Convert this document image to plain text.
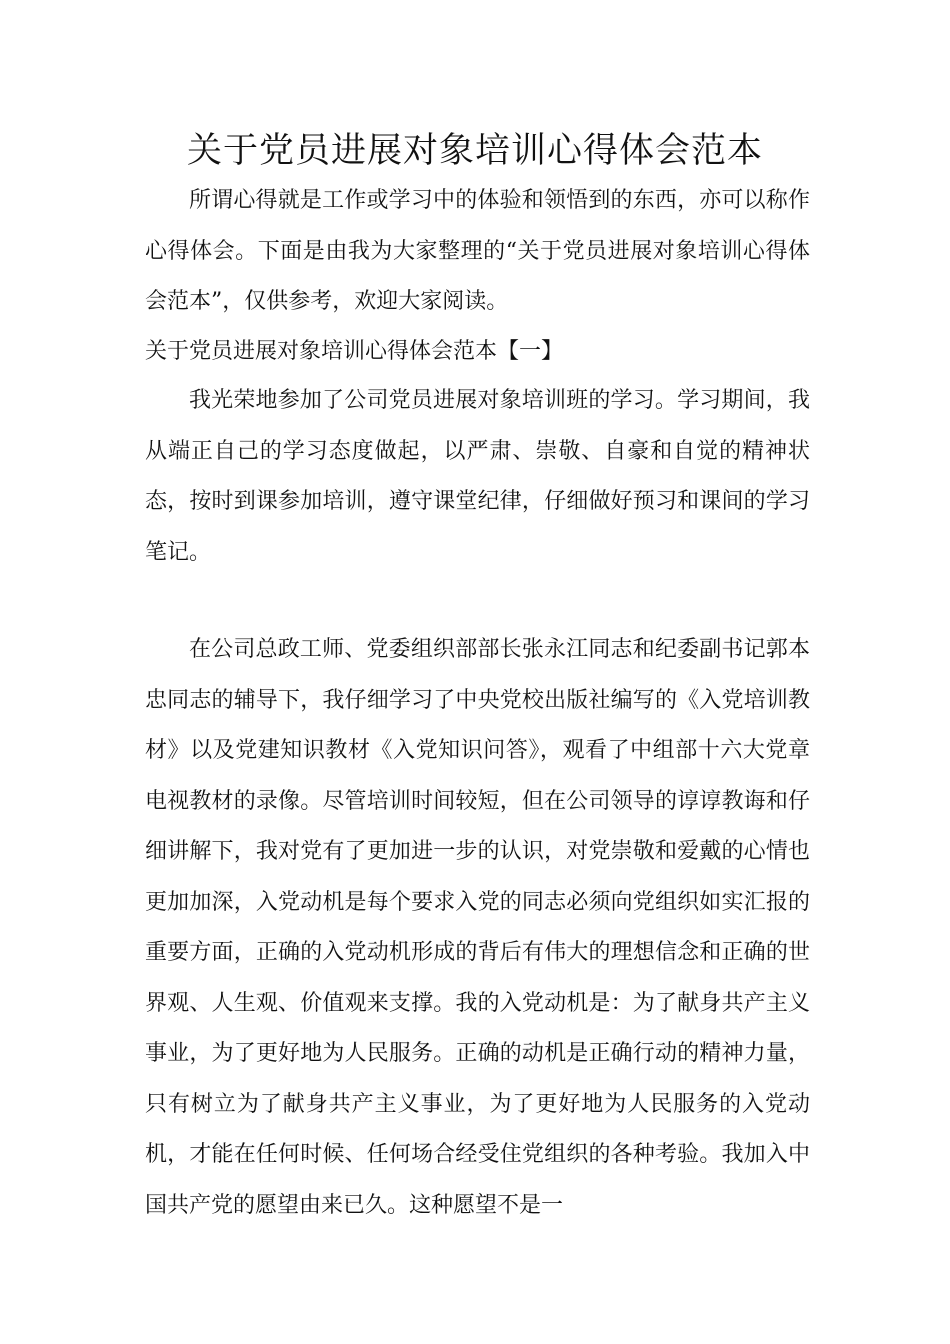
关于党员进展对象培训心得体会范本

所谓心得就是工作或学习中的体验和领悟到的东西，亦可以称作心得体会。下面是由我为大家整理的“关于党员进展对象培训心得体会范本”，仅供参考，欢迎大家阅读。

关于党员进展对象培训心得体会范本【一】

我光荣地参加了公司党员进展对象培训班的学习。学习期间，我从端正自己的学习态度做起，以严肃、崇敬、自豪和自觉的精神状态，按时到课参加培训，遵守课堂纪律，仔细做好预习和课间的学习笔记。

在公司总政工师、党委组织部部长张永江同志和纪委副书记郭本忠同志的辅导下，我仔细学习了中央党校出版社编写的《入党培训教材》以及党建知识教材《入党知识问答》，观看了中组部十六大党章电视教材的录像。尽管培训时间较短，但在公司领导的谆谆教诲和仔细讲解下，我对党有了更加进一步的认识，对党崇敬和爱戴的心情也更加加深，入党动机是每个要求入党的同志必须向党组织如实汇报的重要方面，正确的入党动机形成的背后有伟大的理想信念和正确的世界观、人生观、价值观来支撑。我的入党动机是：为了献身共产主义事业，为了更好地为人民服务。正确的动机是正确行动的精神力量，只有树立为了献身共产主义事业，为了更好地为人民服务的入党动机，才能在任何时候、任何场合经受住党组织的各种考验。我加入中国共产党的愿望由来已久。这种愿望不是一
